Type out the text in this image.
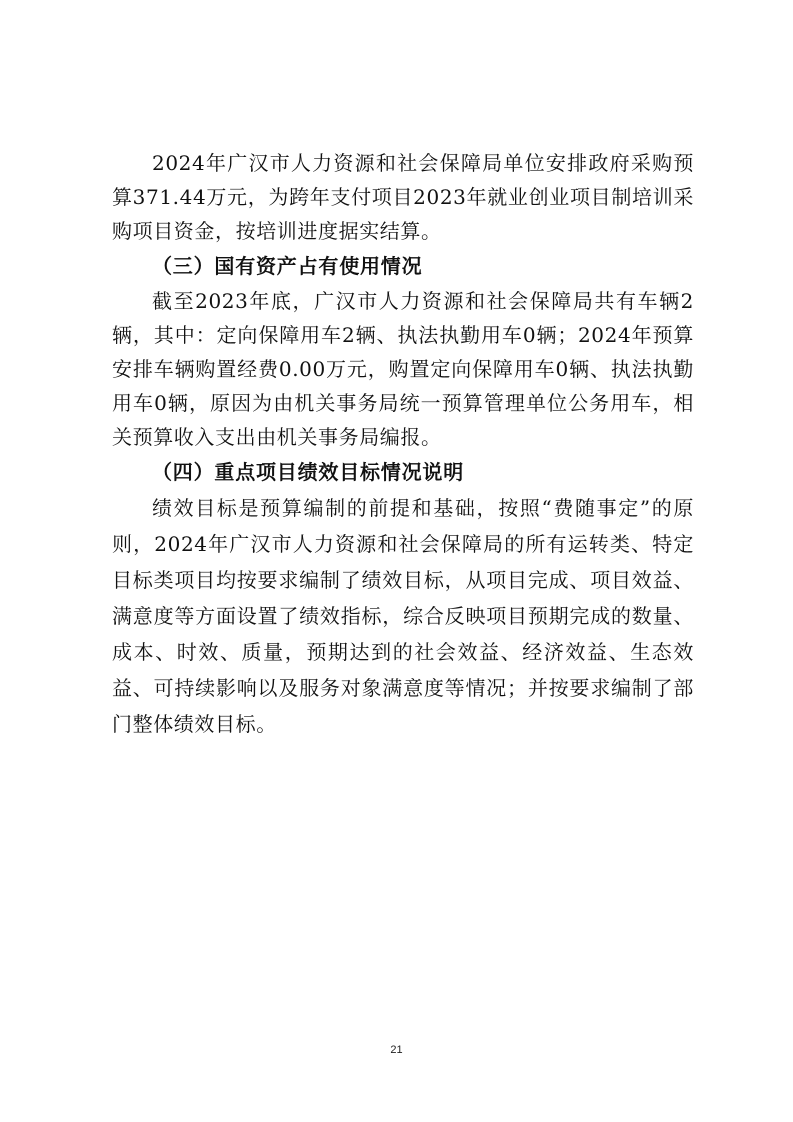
2024年广汉市人力资源和社会保障局单位安排政府采购预算371.44万元，为跨年支付项目2023年就业创业项目制培训采购项目资金，按培训进度据实结算。

（三）国有资产占有使用情况

截至2023年底，广汉市人力资源和社会保障局共有车辆2辆，其中：定向保障用车2辆、执法执勤用车0辆；2024年预算安排车辆购置经费0.00万元，购置定向保障用车0辆、执法执勤用车0辆，原因为由机关事务局统一预算管理单位公务用车，相关预算收入支出由机关事务局编报。

（四）重点项目绩效目标情况说明

绩效目标是预算编制的前提和基础，按照“费随事定”的原则，2024年广汉市人力资源和社会保障局的所有运转类、特定目标类项目均按要求编制了绩效目标，从项目完成、项目效益、满意度等方面设置了绩效指标，综合反映项目预期完成的数量、成本、时效、质量，预期达到的社会效益、经济效益、生态效益、可持续影响以及服务对象满意度等情况；并按要求编制了部门整体绩效目标。

21
